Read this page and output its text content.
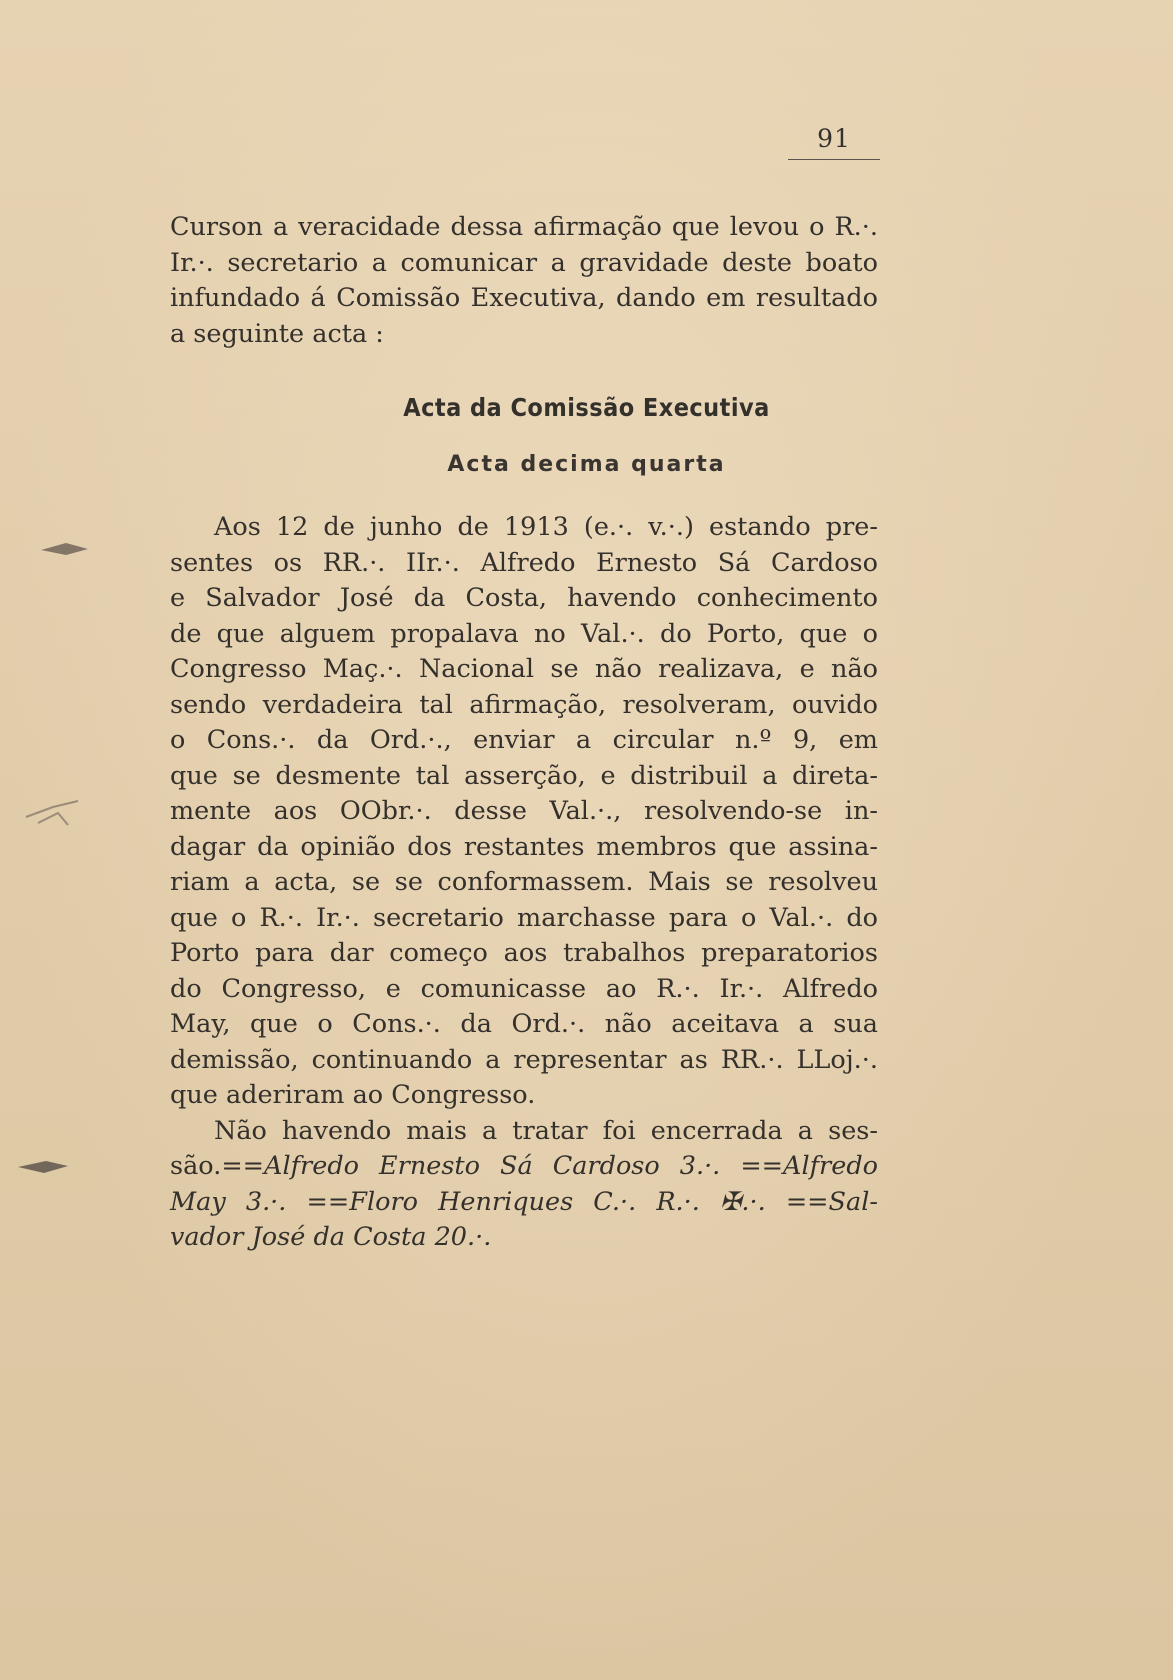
91
Curson a veracidade dessa afirmação que levou o R.·.
Ir.·. secretario a comunicar a gravidade deste boato
infundado á Comissão Executiva, dando em resultado
a seguinte acta :
Acta da Comissão Executiva
Acta decima quarta
Aos 12 de junho de 1913 (e.·. v.·.) estando pre-
sentes os RR.·. IIr.·. Alfredo Ernesto Sá Cardoso
e Salvador José da Costa, havendo conhecimento
de que alguem propalava no Val.·. do Porto, que o
Congresso Maç.·. Nacional se não realizava, e não
sendo verdadeira tal afirmação, resolveram, ouvido
o Cons.·. da Ord.·., enviar a circular n.º 9, em
que se desmente tal asserção, e distribuil a direta-
mente aos OObr.·. desse Val.·., resolvendo-se in-
dagar da opinião dos restantes membros que assina-
riam a acta, se se conformassem. Mais se resolveu
que o R.·. Ir.·. secretario marchasse para o Val.·. do
Porto para dar começo aos trabalhos preparatorios
do Congresso, e comunicasse ao R.·. Ir.·. Alfredo
May, que o Cons.·. da Ord.·. não aceitava a sua
demissão, continuando a representar as RR.·. LLoj.·.
que aderiram ao Congresso.
Não havendo mais a tratar foi encerrada a ses-
são.==Alfredo Ernesto Sá Cardoso 3.·. ==Alfredo
May 3.·. ==Floro Henriques C.·. R.·. ✠.·. ==Sal-
vador José da Costa 20.·.
